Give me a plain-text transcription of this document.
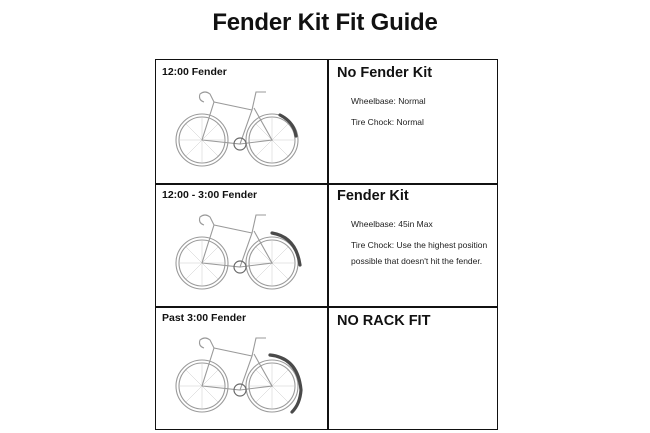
Fender Kit Fit Guide
12:00 Fender	No Fender Kit
Wheelbase: Normal
Tire Chock: Normal
12:00 - 3:00 Fender	Fender Kit
Wheelbase: 45in Max
Tire Chock: Use the highest position possible that doesn't hit the fender.
Past 3:00 Fender	NO RACK FIT
